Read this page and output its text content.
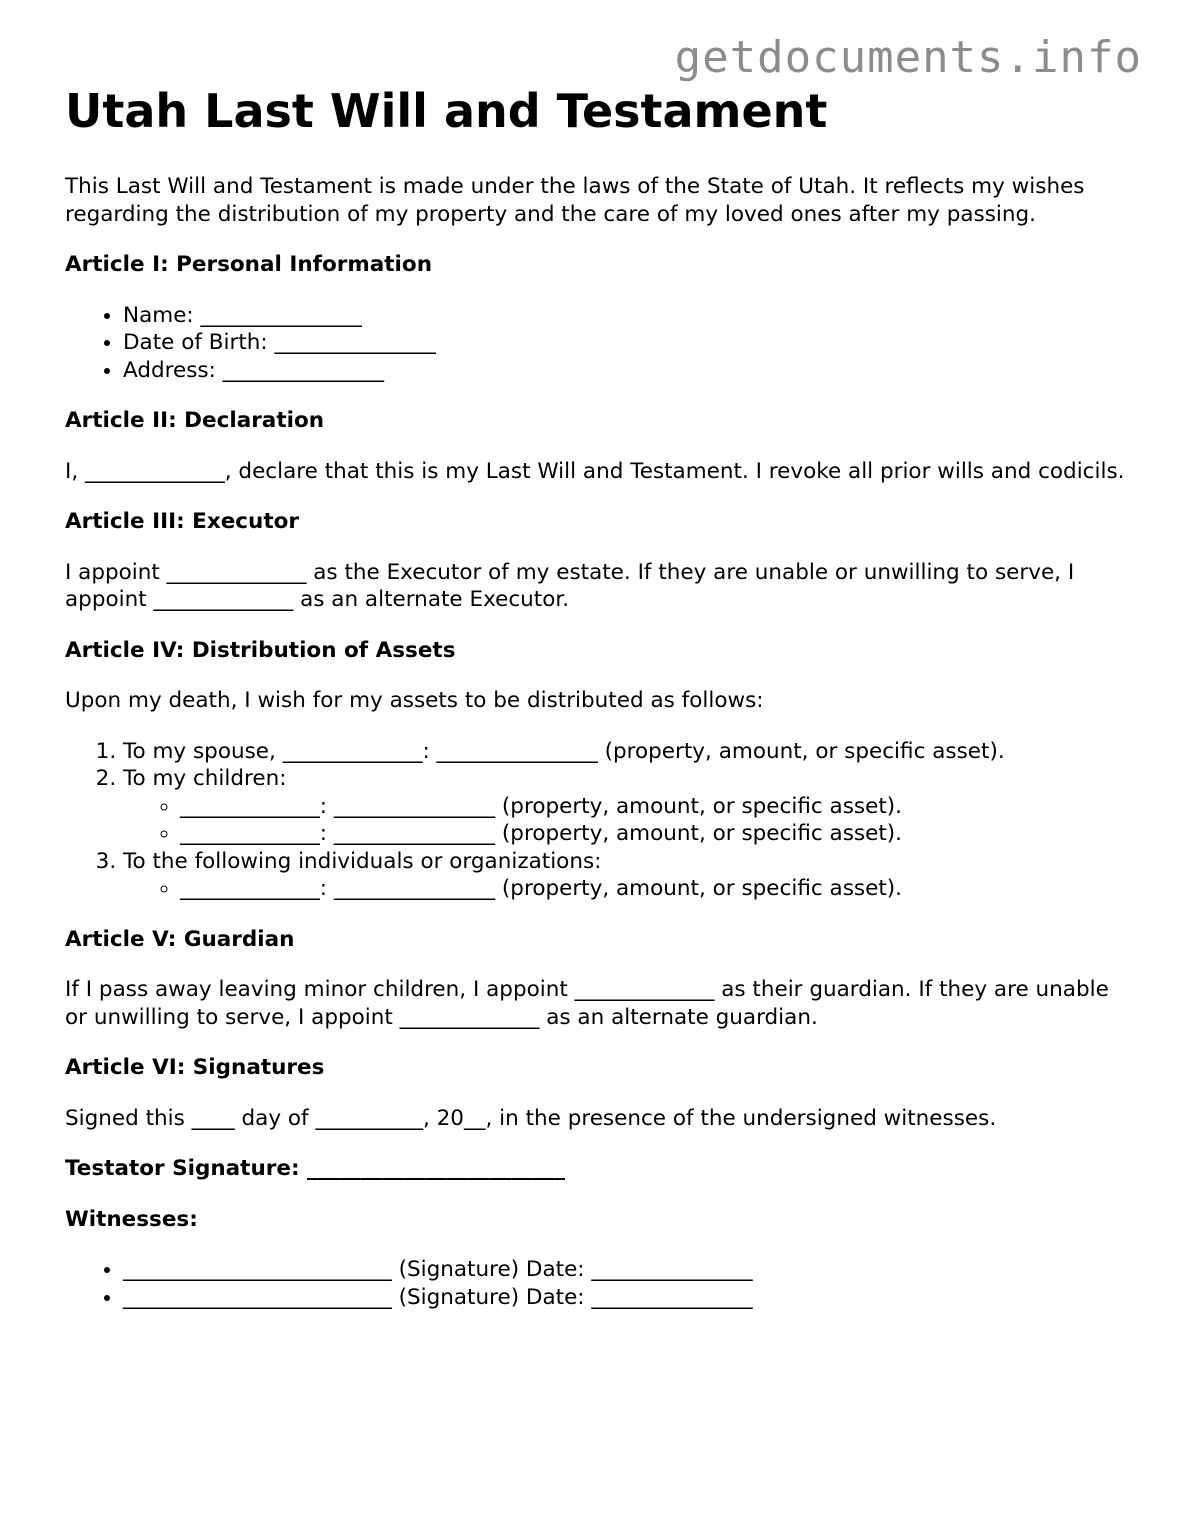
getdocuments.info
Utah Last Will and Testament

This Last Will and Testament is made under the laws of the State of Utah. It reflects my wishes regarding the distribution of my property and the care of my loved ones after my passing.

Article I: Personal Information
• Name: _______________
• Date of Birth: _______________
• Address: _______________
Article II: Declaration

I, _____________, declare that this is my Last Will and Testament. I revoke all prior wills and codicils.

Article III: Executor

I appoint _____________ as the Executor of my estate. If they are unable or unwilling to serve, I appoint _____________ as an alternate Executor.

Article IV: Distribution of Assets

Upon my death, I wish for my assets to be distributed as follows:

1. To my spouse, _____________: _______________ (property, amount, or specific asset).
2. To my children:
◦ _____________: _______________ (property, amount, or specific asset).
◦ _____________: _______________ (property, amount, or specific asset).
3. To the following individuals or organizations:
◦ _____________: _______________ (property, amount, or specific asset).
Article V: Guardian

If I pass away leaving minor children, I appoint _____________ as their guardian. If they are unable or unwilling to serve, I appoint _____________ as an alternate guardian.

Article VI: Signatures

Signed this ____ day of __________, 20__, in the presence of the undersigned witnesses.

Testator Signature: ________________________

Witnesses:

• _________________________ (Signature) Date: _______________
• _________________________ (Signature) Date: _______________
